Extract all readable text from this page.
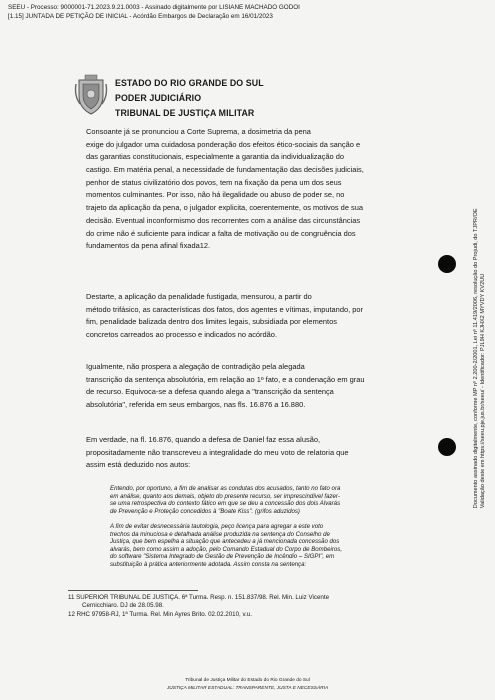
SEEU - Processo: 9000001-71.2023.9.21.0003 - Assinado digitalmente por LISIANE MACHADO GODOI
[1.15] JUNTADA DE PETIÇÃO DE INICIAL - Acórdão Embargos de Declaração em 16/01/2023
ESTADO DO RIO GRANDE DO SUL
PODER JUDICIÁRIO
TRIBUNAL DE JUSTIÇA MILITAR
Consoante já se pronunciou a Corte Suprema, a dosimetria da pena
exige do julgador uma cuidadosa ponderação dos efeitos ético-sociais da sanção e
das garantias constitucionais, especialmente a garantia da individualização do
castigo. Em matéria penal, a necessidade de fundamentação das decisões judiciais,
penhor de status civilizatório dos povos, tem na fixação da pena um dos seus
momentos culminantes. Por isso, não há ilegalidade ou abuso de poder se, no
trajeto da aplicação da pena, o julgador explicita, coerentemente, os motivos de sua
decisão. Eventual inconformismo dos recorrentes com a análise das circunstâncias
do crime não é suficiente para indicar a falta de motivação ou de congruência dos
fundamentos da pena afinal fixada12.
Destarte, a aplicação da penalidade fustigada, mensurou, a partir do
método trifásico, as características dos fatos, dos agentes e vítimas, imputando, por
fim, penalidade balizada dentro dos limites legais, subsidiada por elementos
concretos carreados ao processo e indicados no acórdão.
Igualmente, não prospera a alegação de contradição pela alegada
transcrição da sentença absolutória, em relação ao 1º fato, e a condenação em grau
de recurso. Equivoca-se a defesa quando alega a "transcrição da sentença
absolutória", referida em seus embargos, nas fls. 16.876 a 16.880.
Em verdade, na fl. 16.876, quando a defesa de Daniel faz essa alusão,
propositadamente não transcreveu a integralidade do meu voto de relatoria que
assim está deduzido nos autos:
Entendo, por oportuno, a fim de analisar as condutas dos acusados, tanto no fato ora
em análise, quanto aos demais, objeto do presente recurso, ser imprescindível fazer-
se uma retrospectiva do contexto fático em que se deu a concessão dos dois Alvarás
de Prevenção e Proteção concedidos à "Boate Kiss". (grifos aduzidos)
A fim de evitar desnecessária tautologia, peço licença para agregar a este voto
trechos da minuciosa e detalhada análise produzida na sentença do Conselho de
Justiça, que bem espelha a situação que antecedeu a já mencionada concessão dos
alvarás, bem como assim a adoção, pelo Comando Estadual do Corpo de Bombeiros,
do software "Sistema Integrado de Gestão de Prevenção de Incêndio – SIGPI", em
substituição à prática anteriormente adotada. Assim consta na sentença:
11 SUPERIOR TRIBUNAL DE JUSTIÇA. 6ª Turma. Resp. n. 151.837/98. Rel. Min. Luiz Vicente
Cernicchiaro. DJ de 28.05.98.
12 RHC 97958-RJ, 1ª Turma. Rel. Min Ayres Brito. 02.02.2010, v.u.
Tribunal de Justiça Militar do Estado do Rio Grande do Sul
JUSTIÇA MILITAR ESTADUAL: TRANSPARENTE, JUSTA E NECESSÁRIA
Documento assinado digitalmente, conforme MP nº 2.200-2/2001, Lei nº 11.419/2006, resolução do Projudi, do TJPR/OE Validação deste em https://seeu.pje.jus.br/seeu/ - Identificador: PJL9H KJHX2 MYVDY KV2UU
